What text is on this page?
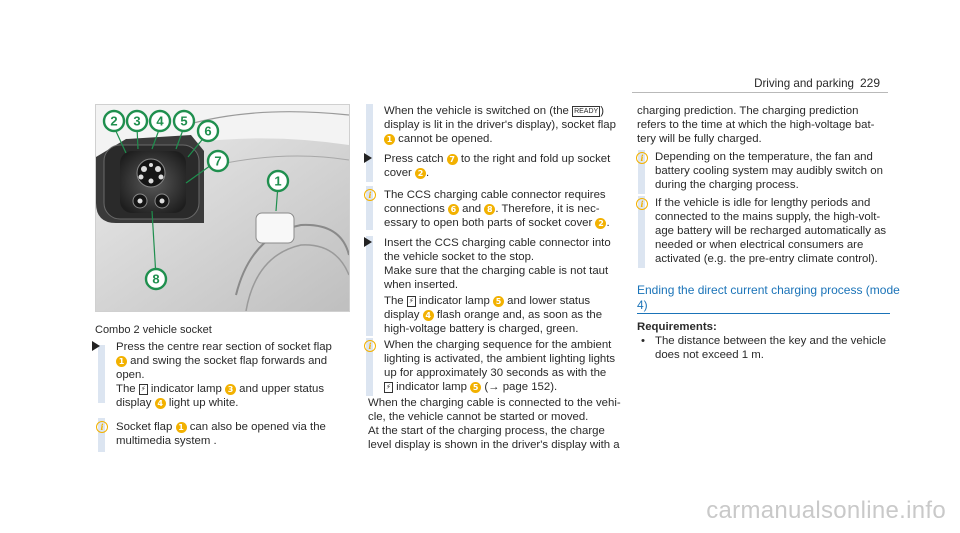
Driving and parking 229
1
2 3 4 5
6
7
8
Combo 2 vehicle socket
Press the centre rear section of socket flap
1 and swing the socket flap forwards and
open.
The ⚡ indicator lamp 3 and upper status
display 4 light up white.
i	Socket flap 1 can also be opened via the
multimedia system .
When the vehicle is switched on (the READY )
display is lit in the driver's display), socket flap
1 cannot be opened.
Press catch 7 to the right and fold up socket
cover 2 .
i	The CCS charging cable connector requires
connections 6 and 8 . Therefore, it is nec-
essary to open both parts of socket cover 2 .
Insert the CCS charging cable connector into
the vehicle socket to the stop.
Make sure that the charging cable is not taut
when inserted.
The ⚡ indicator lamp 5 and lower status
display 4 flash orange and, as soon as the
high-voltage battery is charged, green.
i	When the charging sequence for the ambient
lighting is activated, the ambient lighting lights
up for approximately 30 seconds as with the
⚡ indicator lamp 5 (→ page 152).
When the charging cable is connected to the vehi-
cle, the vehicle cannot be started or moved.
At the start of the charging process, the charge
level display is shown in the driver's display with a
charging prediction. The charging prediction
refers to the time at which the high-voltage bat-
tery will be fully charged.
i	Depending on the temperature, the fan and
battery cooling system may audibly switch on
during the charging process.
i	If the vehicle is idle for lengthy periods and
connected to the mains supply, the high-volt-
age battery will be recharged automatically as
needed or when electrical consumers are
activated (e.g. the pre-entry climate control).
Ending the direct current charging process (mode
4)
Requirements:
• The distance between the key and the vehicle
does not exceed 1 m.
carmanualsonline.info
